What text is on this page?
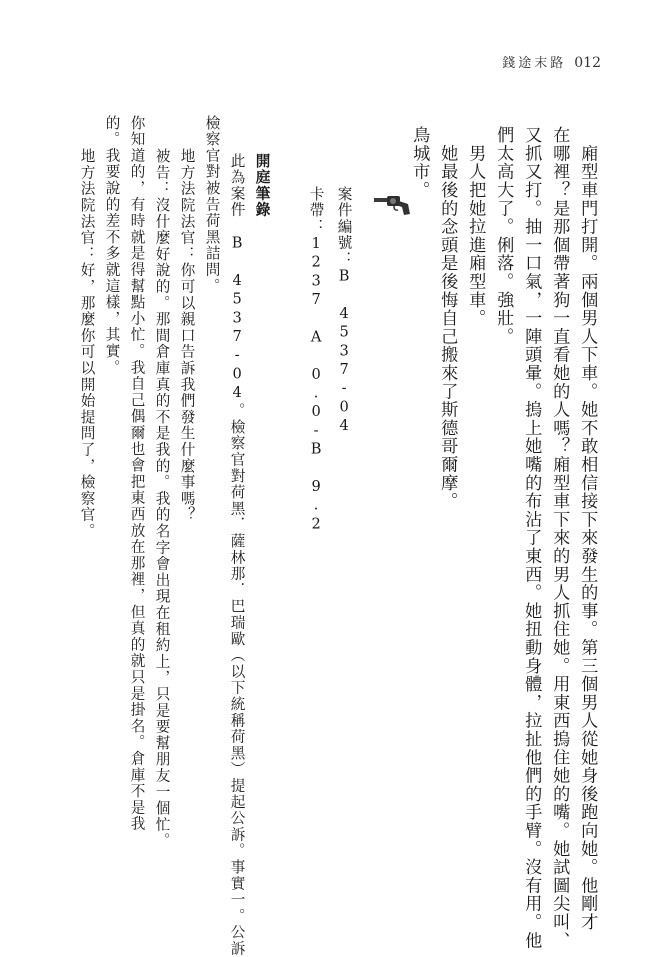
錢途末路 012
　廂型車門打開。兩個男人下車。她不敢相信接下來發生的事。第三個男人從她身後跑向她。他剛才
在哪裡？是那個帶著狗一直看她的人嗎？廂型車下來的男人抓住她。用東西摀住她的嘴。她試圖尖叫、
又抓又打。抽一口氣，一陣頭暈。摀上她嘴的布沾了東西。她扭動身體，拉扯他們的手臂。沒有用。他
們太高大了。俐落。強壯。
　男人把她拉進廂型車。
　她最後的念頭是後悔自己搬來了斯德哥爾摩。
鳥城市。
案件編號：B 4537-04
卡帶：1237 A 0.0-B 9.2
開庭筆錄
此為案件　B 4537-04。檢察官對荷黑．薩林那．巴瑞歐（以下統稱荷黑）提起公訴。事實一。公訴
檢察官對被告荷黑詰問。
　地方法院法官：你可以親口告訴我們發生什麼事嗎？
　被告：沒什麼好說的。那間倉庫真的不是我的。我的名字會出現在租約上，只是要幫朋友一個忙。
你知道的，有時就是得幫點小忙。我自己偶爾也會把東西放在那裡，但真的就只是掛名。倉庫不是我
的。我要說的差不多就這樣，其實。
　地方法院法官：好，那麼你可以開始提問了，檢察官。
